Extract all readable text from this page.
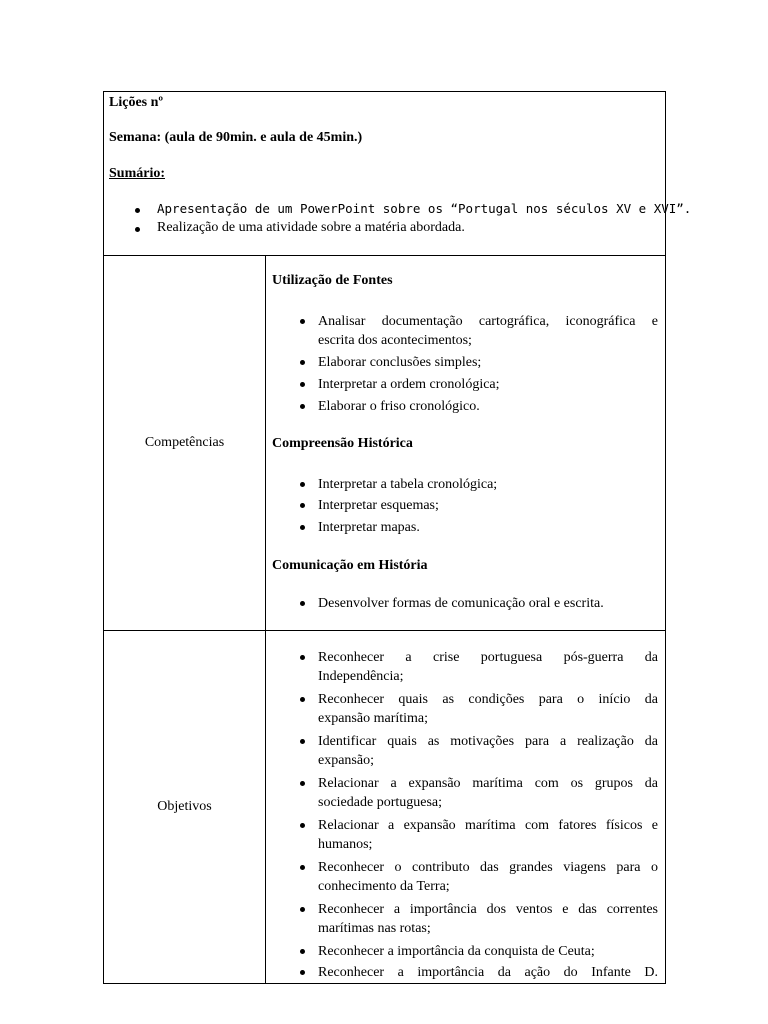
Lições nº
Semana: (aula de 90min. e aula de 45min.)
Sumário:
Apresentação de um PowerPoint sobre os “Portugal nos séculos XV e XVI”.
Realização de uma atividade sobre a matéria abordada.
Competências
Utilização de Fontes
Analisar documentação cartográfica, iconográfica e
escrita dos acontecimentos;
Elaborar conclusões simples;
Interpretar a ordem cronológica;
Elaborar o friso cronológico.
Compreensão Histórica
Interpretar a tabela cronológica;
Interpretar esquemas;
Interpretar mapas.
Comunicação em História
Desenvolver formas de comunicação oral e escrita.
Objetivos
Reconhecer a crise portuguesa pós-guerra da
Independência;
Reconhecer quais as condições para o início da
expansão marítima;
Identificar quais as motivações para a realização da
expansão;
Relacionar a expansão marítima com os grupos da
sociedade portuguesa;
Relacionar a expansão marítima com fatores físicos e
humanos;
Reconhecer o contributo das grandes viagens para o
conhecimento da Terra;
Reconhecer a importância dos ventos e das correntes
marítimas nas rotas;
Reconhecer a importância da conquista de Ceuta;
Reconhecer a importância da ação do Infante D.
